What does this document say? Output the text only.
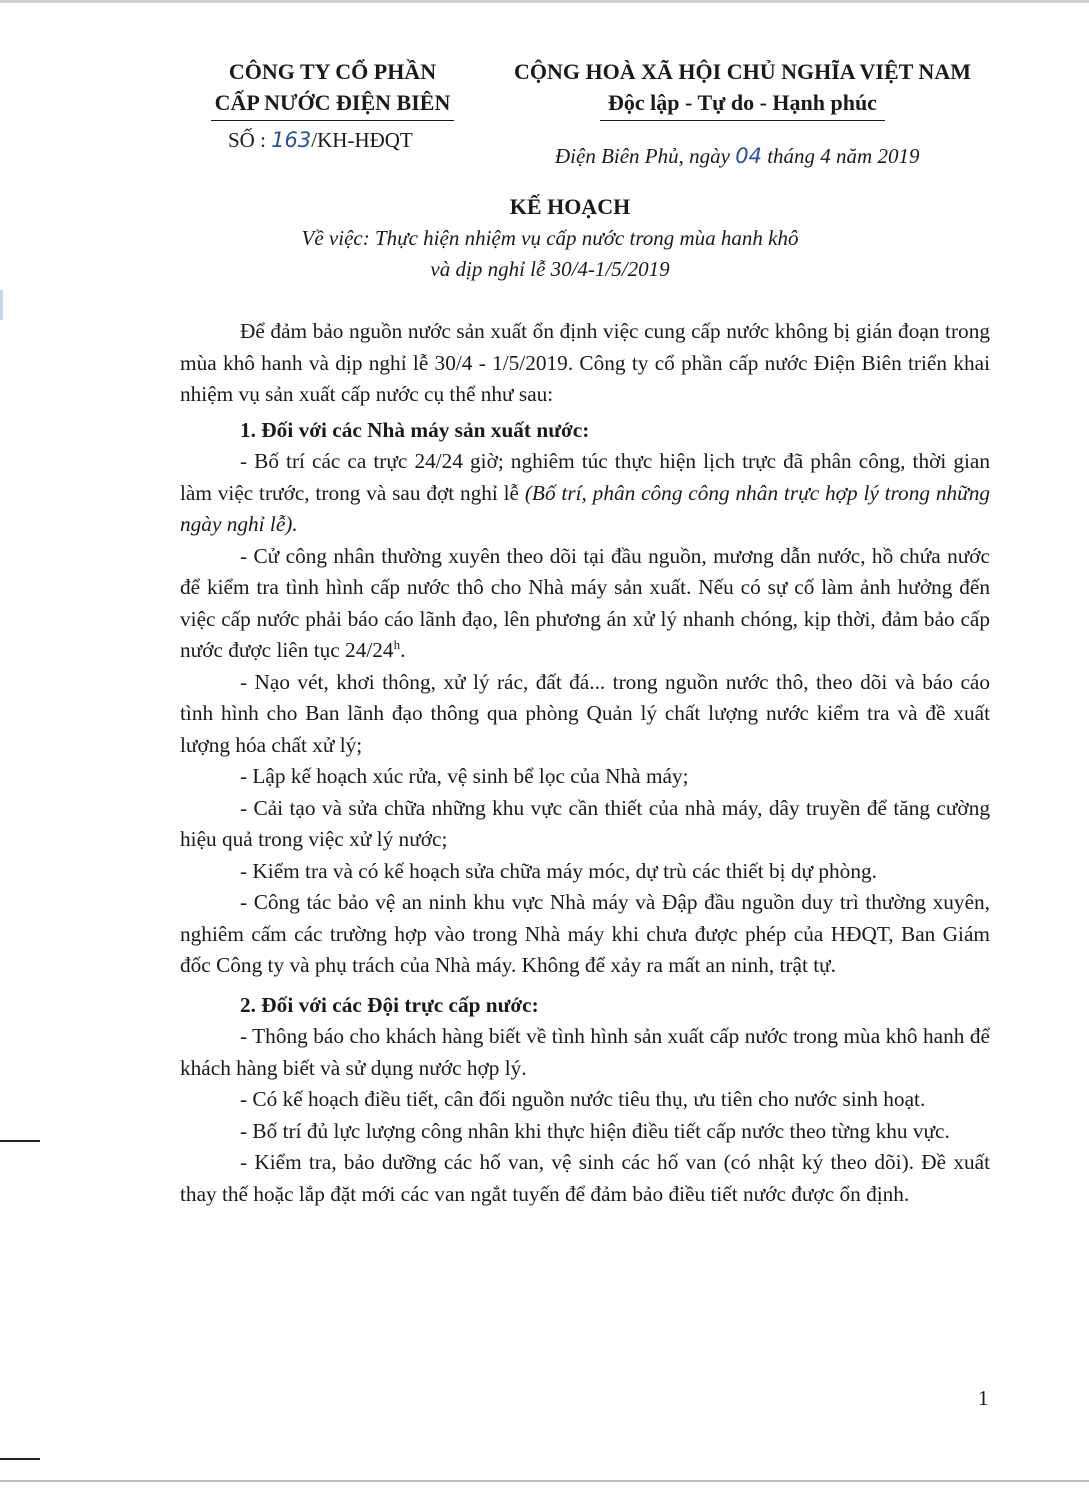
CÔNG TY CỔ PHẦN
CẤP NƯỚC ĐIỆN BIÊN
SỐ : 163/KH-HĐQT
CỘNG HOÀ XÃ HỘI CHỦ NGHĨA VIỆT NAM
Độc lập - Tự do - Hạnh phúc
Điện Biên Phủ, ngày 04 tháng 4 năm 2019
KẾ HOẠCH
Về việc: Thực hiện nhiệm vụ cấp nước trong mùa hanh khô
và dịp nghỉ lễ 30/4-1/5/2019

Để đảm bảo nguồn nước sản xuất ổn định việc cung cấp nước không bị gián đoạn trong mùa khô hanh và dịp nghỉ lễ 30/4 - 1/5/2019. Công ty cổ phần cấp nước Điện Biên triển khai nhiệm vụ sản xuất cấp nước cụ thể như sau:

1. Đối với các Nhà máy sản xuất nước:

- Bố trí các ca trực 24/24 giờ; nghiêm túc thực hiện lịch trực đã phân công, thời gian làm việc trước, trong và sau đợt nghỉ lễ (Bố trí, phân công công nhân trực hợp lý trong những ngày nghỉ lễ).

- Cử công nhân thường xuyên theo dõi tại đầu nguồn, mương dẫn nước, hồ chứa nước để kiểm tra tình hình cấp nước thô cho Nhà máy sản xuất. Nếu có sự cố làm ảnh hưởng đến việc cấp nước phải báo cáo lãnh đạo, lên phương án xử lý nhanh chóng, kịp thời, đảm bảo cấp nước được liên tục 24/24$^h$.

- Nạo vét, khơi thông, xử lý rác, đất đá... trong nguồn nước thô, theo dõi và báo cáo tình hình cho Ban lãnh đạo thông qua phòng Quản lý chất lượng nước kiểm tra và đề xuất lượng hóa chất xử lý;

- Lập kế hoạch xúc rửa, vệ sinh bể lọc của Nhà máy;

- Cải tạo và sửa chữa những khu vực cần thiết của nhà máy, dây truyền để tăng cường hiệu quả trong việc xử lý nước;

- Kiểm tra và có kế hoạch sửa chữa máy móc, dự trù các thiết bị dự phòng.

- Công tác bảo vệ an ninh khu vực Nhà máy và Đập đầu nguồn duy trì thường xuyên, nghiêm cấm các trường hợp vào trong Nhà máy khi chưa được phép của HĐQT, Ban Giám đốc Công ty và phụ trách của Nhà máy. Không để xảy ra mất an ninh, trật tự.

2. Đối với các Đội trực cấp nước:

- Thông báo cho khách hàng biết về tình hình sản xuất cấp nước trong mùa khô hanh để khách hàng biết và sử dụng nước hợp lý.

- Có kế hoạch điều tiết, cân đối nguồn nước tiêu thụ, ưu tiên cho nước sinh hoạt.

- Bố trí đủ lực lượng công nhân khi thực hiện điều tiết cấp nước theo từng khu vực.

- Kiểm tra, bảo dưỡng các hố van, vệ sinh các hố van (có nhật ký theo dõi). Đề xuất thay thế hoặc lắp đặt mới các van ngắt tuyến để đảm bảo điều tiết nước được ổn định.

1
